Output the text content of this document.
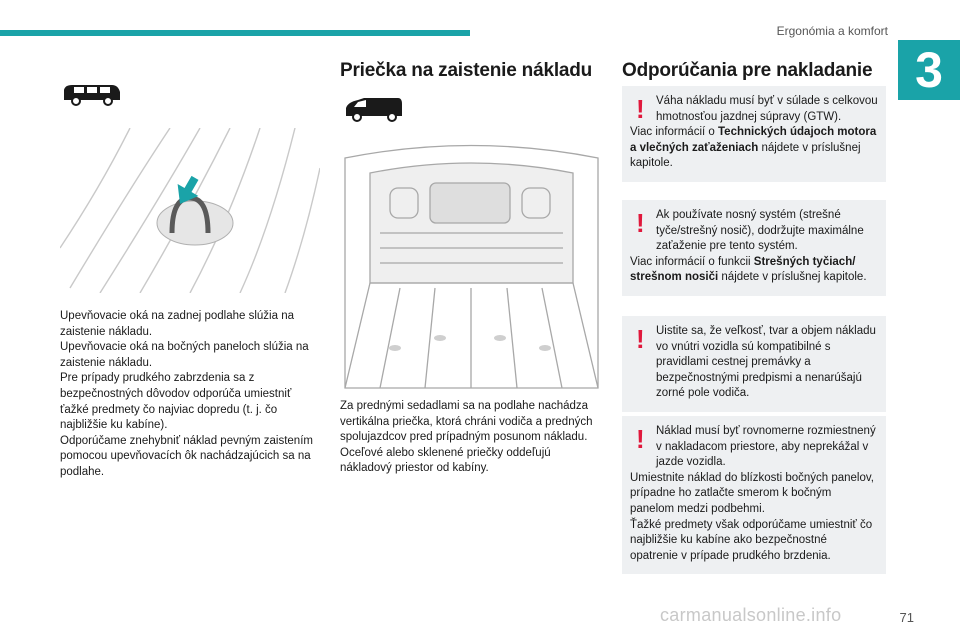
Ergonómia a komfort
3

Upevňovacie oká na zadnej podlahe slúžia na zaistenie nákladu.

Upevňovacie oká na bočných paneloch slúžia na zaistenie nákladu.

Pre prípady prudkého zabrzdenia sa z bezpečnostných dôvodov odporúča umiestniť ťažké predmety čo najviac dopredu (t. j. čo najbližšie ku kabíne).

Odporúčame znehybniť náklad pevným zaistením pomocou upevňovacích ôk nachádzajúcich sa na podlahe.

Priečka na zaistenie nákladu

Za prednými sedadlami sa na podlahe nachádza vertikálna priečka, ktorá chráni vodiča a predných spolujazdcov pred prípadným posunom nákladu.

Oceľové alebo sklenené priečky oddeľujú nákladový priestor od kabíny.

Odporúčania pre nakladanie
! Váha nákladu musí byť v súlade s celkovou hmotnosťou jazdnej súpravy (GTW).

Viac informácií o Technických údajoch motora a vlečných zaťaženiach nájdete v príslušnej kapitole.

! Ak používate nosný systém (strešné tyče/strešný nosič), dodržujte maximálne zaťaženie pre tento systém.

Viac informácií o funkcii Strešných tyčiach/ strešnom nosiči nájdete v príslušnej kapitole.

! Uistite sa, že veľkosť, tvar a objem nákladu vo vnútri vozidla sú kompatibilné s pravidlami cestnej premávky a bezpečnostnými predpismi a nenarúšajú zorné pole vodiča.

! Náklad musí byť rovnomerne rozmiestnený v nakladacom priestore, aby neprekážal v jazde vozidla.

Umiestnite náklad do blízkosti bočných panelov, prípadne ho zatlačte smerom k bočným panelom medzi podbehmi.

Ťažké predmety však odporúčame umiestniť čo najbližšie ku kabíne ako bezpečnostné opatrenie v prípade prudkého brzdenia.

carmanualsonline.info	71
